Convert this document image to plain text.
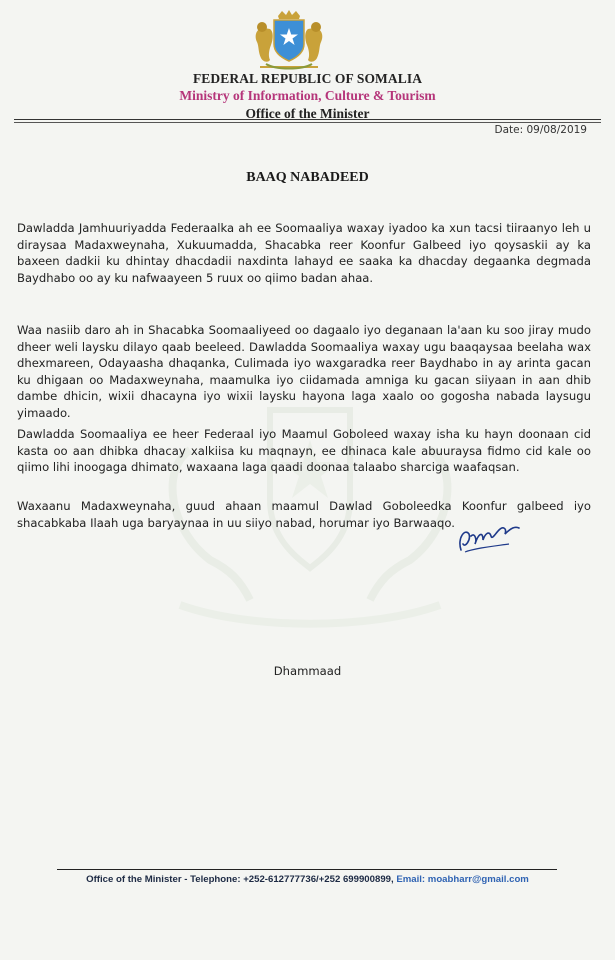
FEDERAL REPUBLIC OF SOMALIA
Ministry of Information, Culture & Tourism
Office of the Minister
Date: 09/08/2019
BAAQ NABADEED

Dawladda Jamhuuriyadda Federaalka ah ee Soomaaliya waxay iyadoo ka xun tacsi tiiraanyo leh u diraysaa Madaxweynaha, Xukuumadda, Shacabka reer Koonfur Galbeed iyo qoysaskii ay ka baxeen dadkii ku dhintay dhacdadii naxdinta lahayd ee saaka ka dhacday degaanka degmada Baydhabo oo ay ku nafwaayeen 5 ruux oo qiimo badan ahaa.

Waa nasiib daro ah in Shacabka Soomaaliyeed oo dagaalo iyo deganaan la'aan ku soo jiray mudo dheer weli laysku dilayo qaab beeleed. Dawladda Soomaaliya waxay ugu baaqaysaa beelaha wax dhexmareen, Odayaasha dhaqanka, Culimada iyo waxgaradka reer Baydhabo in ay arinta gacan ku dhigaan oo Madaxweynaha, maamulka iyo ciidamada amniga ku gacan siiyaan in aan dhib dambe dhicin, wixii dhacayna iyo wixii laysku hayona laga xaalo oo gogosha nabada laysugu yimaado.

Dawladda Soomaaliya ee heer Federaal iyo Maamul Goboleed waxay isha ku hayn doonaan cid kasta oo aan dhibka dhacay xalkiisa ku maqnayn, ee dhinaca kale abuuraysa fidmo cid kale oo qiimo lihi inoogaga dhimato, waxaana laga qaadi doonaa talaabo sharciga waafaqsan.

Waxaanu Madaxweynaha, guud ahaan maamul Dawlad Goboleedka Koonfur galbeed iyo shacabkaba Ilaah uga baryaynaa in uu siiyo nabad, horumar iyo Barwaaqo.

Dhammaad
Office of the Minister - Telephone: +252-612777736/+252 699900899, Email: moabharr@gmail.com
